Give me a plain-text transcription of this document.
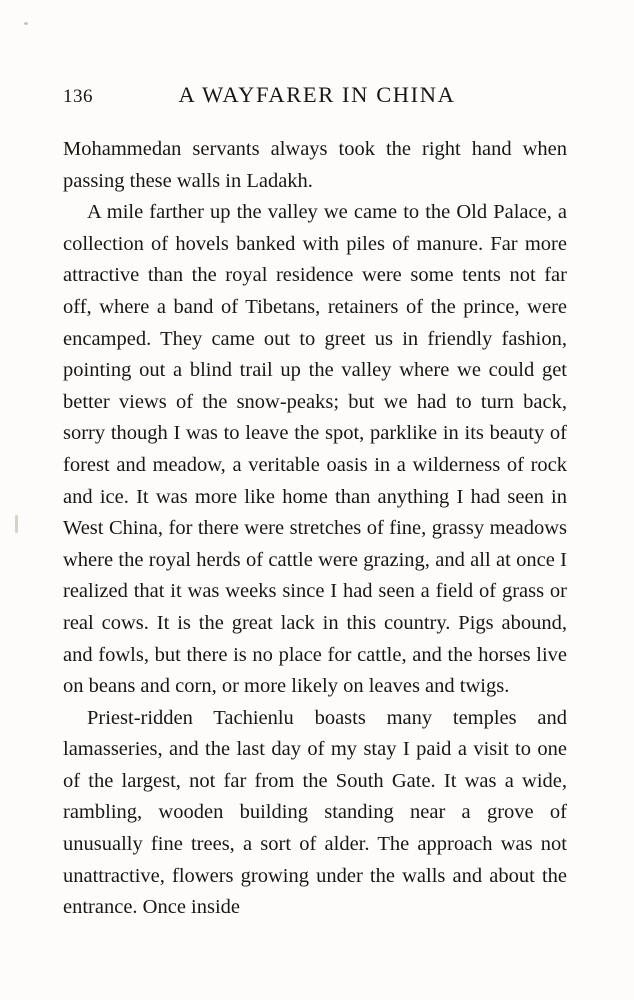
136	A WAYFARER IN CHINA

Mohammedan servants always took the right hand when passing these walls in Ladakh.

A mile farther up the valley we came to the Old Palace, a collection of hovels banked with piles of manure. Far more attractive than the royal residence were some tents not far off, where a band of Tibetans, retainers of the prince, were encamped. They came out to greet us in friendly fashion, pointing out a blind trail up the valley where we could get better views of the snow-peaks; but we had to turn back, sorry though I was to leave the spot, parklike in its beauty of forest and meadow, a veritable oasis in a wilderness of rock and ice. It was more like home than anything I had seen in West China, for there were stretches of fine, grassy meadows where the royal herds of cattle were grazing, and all at once I realized that it was weeks since I had seen a field of grass or real cows. It is the great lack in this country. Pigs abound, and fowls, but there is no place for cattle, and the horses live on beans and corn, or more likely on leaves and twigs.

Priest-ridden Tachienlu boasts many temples and lamasseries, and the last day of my stay I paid a visit to one of the largest, not far from the South Gate. It was a wide, rambling, wooden building standing near a grove of unusually fine trees, a sort of alder. The approach was not unattractive, flowers growing under the walls and about the entrance. Once inside
